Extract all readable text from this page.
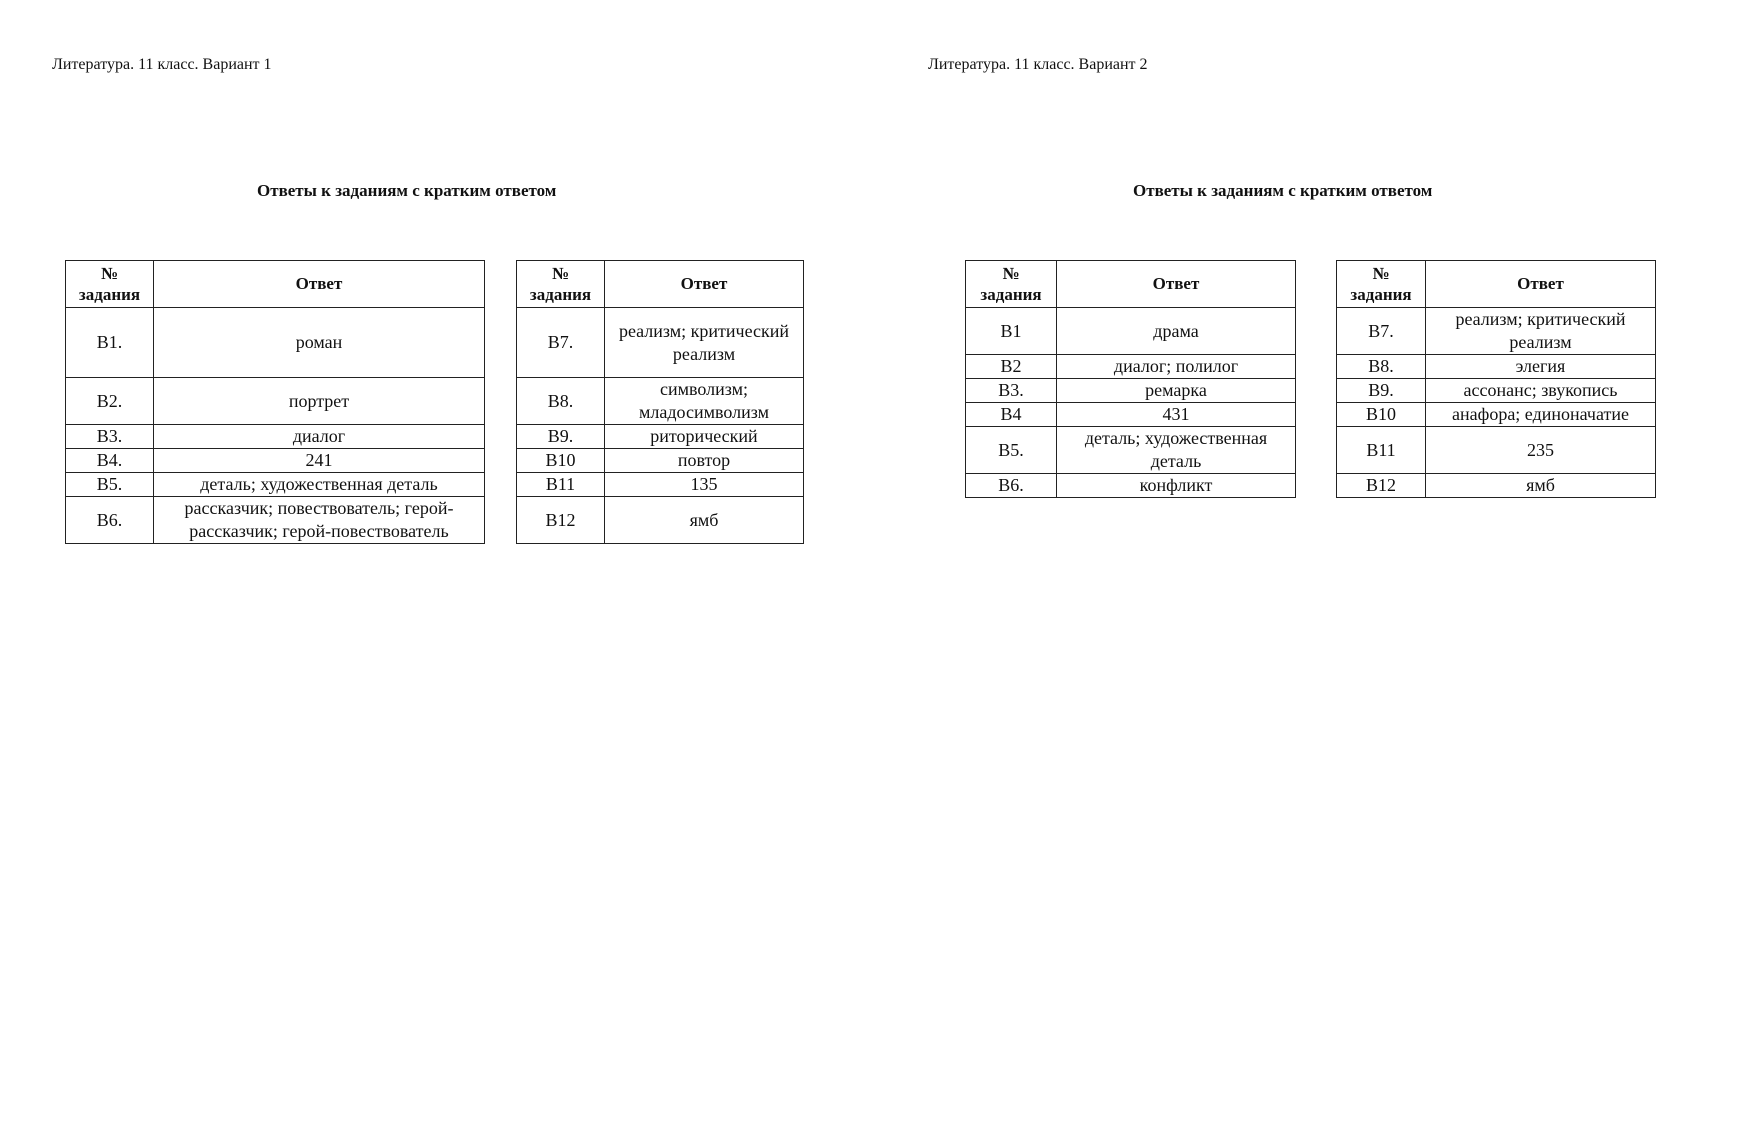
Литература. 11 класс. Вариант 1
Ответы к заданиям с кратким ответом
№
задания	Ответ
В1.	роман
В2.	портрет
В3.	диалог
В4.	241
В5.	деталь; художественная деталь
В6.	рассказчик; повествователь; герой-рассказчик; герой-повествователь
№
задания	Ответ
В7.	реализм; критический реализм
В8.	символизм; младосимволизм
В9.	риторический
В10	повтор
В11	135
В12	ямб
Литература. 11 класс. Вариант 2
Ответы к заданиям с кратким ответом
№
задания	Ответ
В1	драма
В2	диалог; полилог
В3.	ремарка
В4	431
В5.	деталь; художественная деталь
В6.	конфликт
№
задания	Ответ
В7.	реализм; критический реализм
В8.	элегия
В9.	ассонанс; звукопись
В10	анафора; единоначатие
В11	235
В12	ямб
